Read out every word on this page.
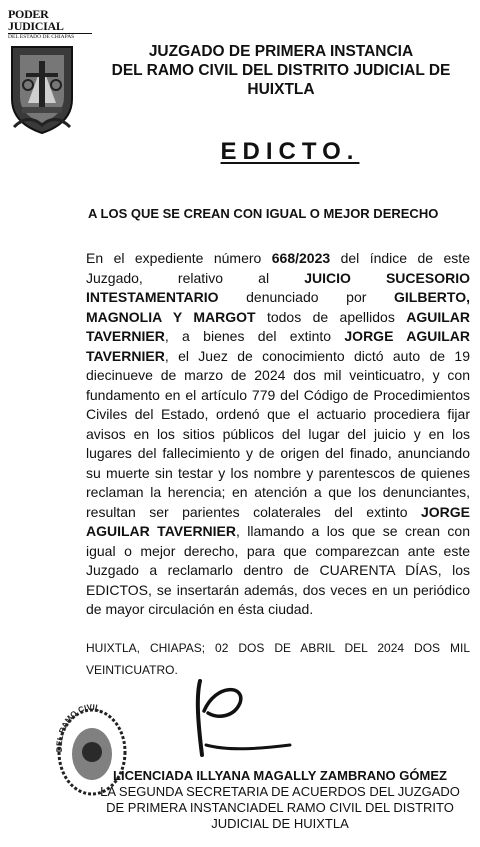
PODER JUDICIAL
DEL ESTADO DE CHIAPAS
JUZGADO DE PRIMERA INSTANCIA
DEL RAMO CIVIL DEL DISTRITO JUDICIAL DE
HUIXTLA
EDICTO.
A LOS QUE SE CREAN CON IGUAL O MEJOR DERECHO
En el expediente número 668/2023 del índice de este Juzgado, relativo al JUICIO SUCESORIO INTESTAMENTARIO denunciado por GILBERTO, MAGNOLIA Y MARGOT todos de apellidos AGUILAR TAVERNIER, a bienes del extinto JORGE AGUILAR TAVERNIER, el Juez de conocimiento dictó auto de 19 diecinueve de marzo de 2024 dos mil veinticuatro, y con fundamento en el artículo 779 del Código de Procedimientos Civiles del Estado, ordenó que el actuario procediera fijar avisos en los sitios públicos del lugar del juicio y en los lugares del fallecimiento y de origen del finado, anunciando su muerte sin testar y los nombre y parentescos de quienes reclaman la herencia; en atención a que los denunciantes, resultan ser parientes colaterales del extinto JORGE AGUILAR TAVERNIER, llamando a los que se crean con igual o mejor derecho, para que comparezcan ante este Juzgado a reclamarlo dentro de CUARENTA DÍAS, los EDICTOS, se insertarán además, dos veces en un periódico de mayor circulación en ésta ciudad.
HUIXTLA, CHIAPAS; 02 DOS DE ABRIL DEL 2024 DOS MIL VEINTICUATRO.
DEL RAMO CIVIL
LICENCIADA ILLYANA MAGALLY ZAMBRANO GÓMEZ
LA SEGUNDA SECRETARIA DE ACUERDOS DEL JUZGADO
DE PRIMERA INSTANCIADEL RAMO CIVIL DEL DISTRITO
JUDICIAL DE HUIXTLA
